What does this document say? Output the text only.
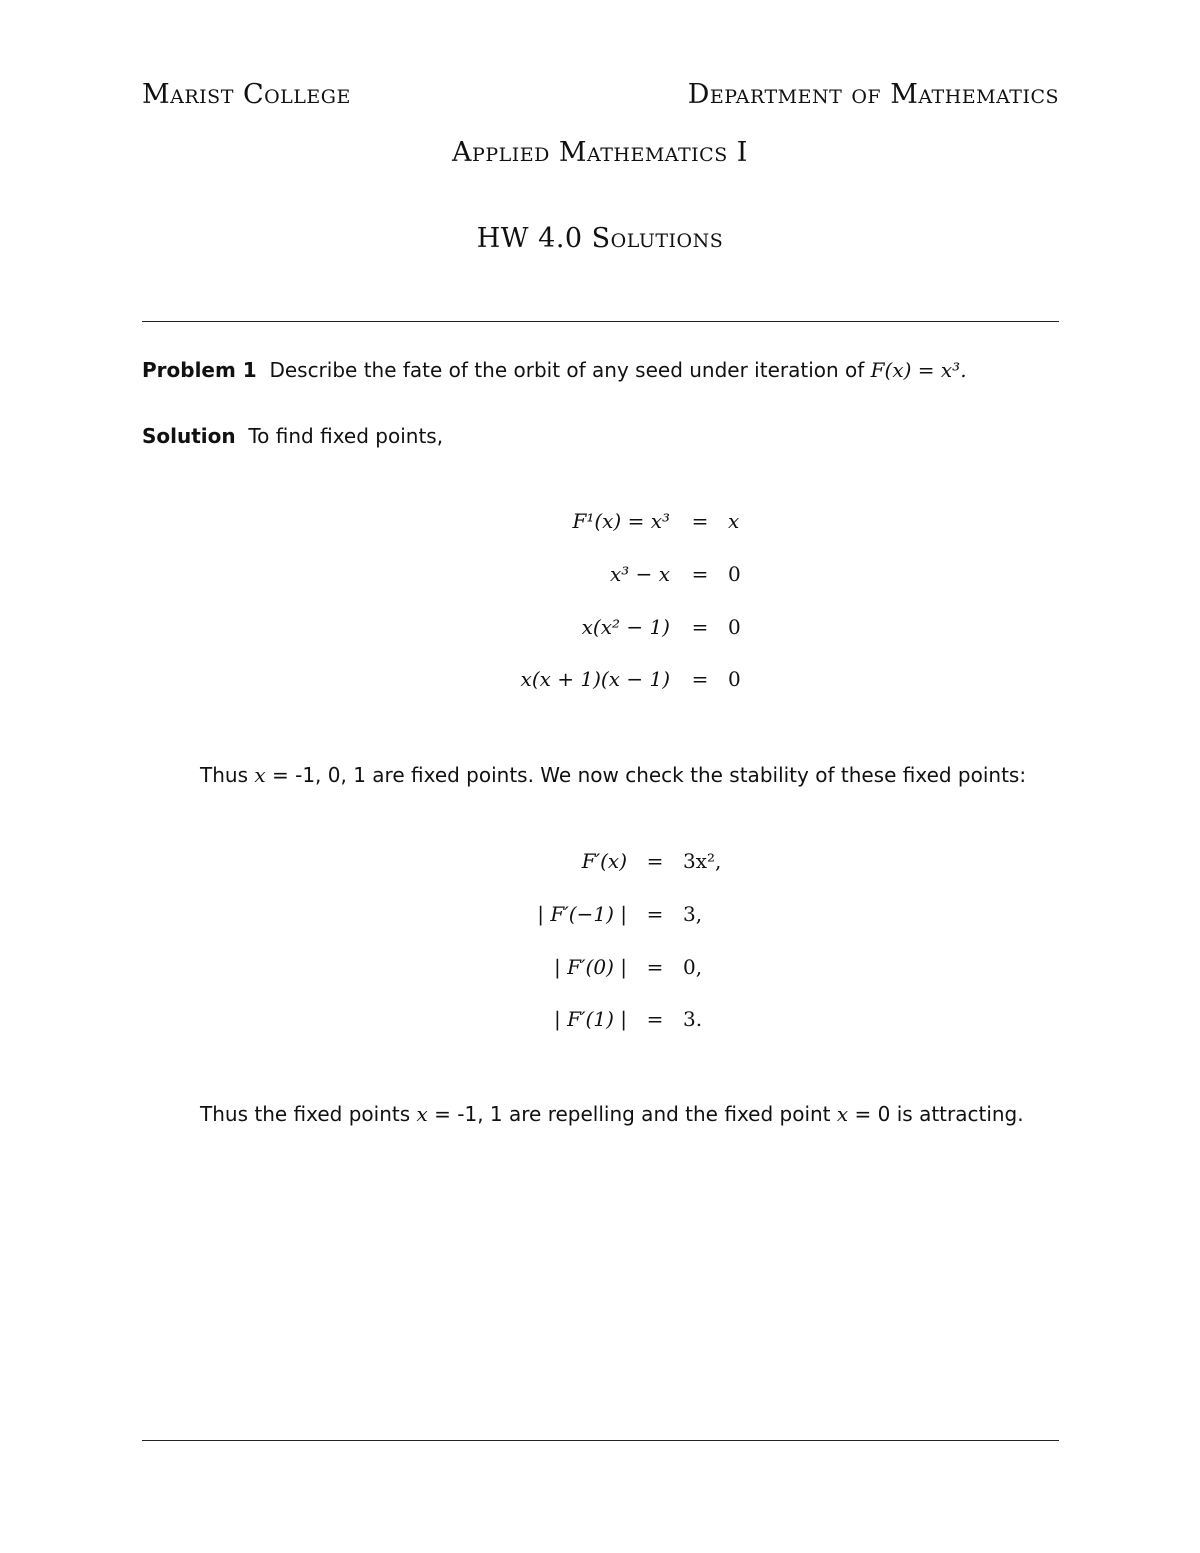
Marist College	Department of Mathematics
Applied Mathematics I
HW 4.0 Solutions
Problem 1 Describe the fate of the orbit of any seed under iteration of F(x) = x³.
Solution To find fixed points,
F¹(x) = x³ = x
x³ − x = 0
x(x² − 1) = 0
x(x + 1)(x − 1) = 0
Thus x = -1, 0, 1 are fixed points. We now check the stability of these fixed points:
F′(x) = 3x²,
| F′(−1) | = 3,
| F′(0) | = 0,
| F′(1) | = 3.
Thus the fixed points x = -1, 1 are repelling and the fixed point x = 0 is attracting.
